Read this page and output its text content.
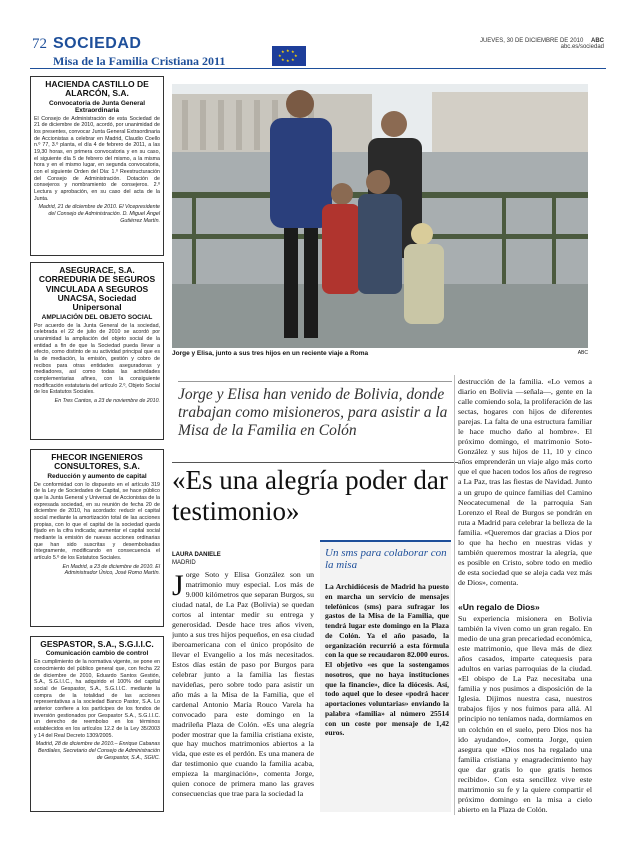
72 SOCIEDAD
Misa de la Familia Cristiana 2011
★ ★
★
★
★
★
★
★
JUEVES, 30 DE DICIEMBRE DE 2010 ABC
abc.es/sociedad
HACIENDA CASTILLO DE ALARCÓN, S.A.
Convocatoria de Junta General Extraordinaria

El Consejo de Administración de esta Sociedad de 21 de diciembre de 2010, acordó, por unanimidad de los presentes, convocar Junta General Extraordinaria de Accionistas a celebrar en Madrid, Claudio Coello n.º 77, 3.º planta, el día 4 de febrero de 2011, a las 19,30 horas, en primera convocatoria y en su caso, el siguiente día 5 de febrero del mismo, a la misma hora y en el mismo lugar, en segunda convocatoria, con el siguiente Orden del Día: 1.º Reestructuración del Consejo de Administración. Dotación de consejeros y nombramiento de consejeros. 2.º Lectura y aprobación, en su caso del acta de la Junta.

Madrid, 21 de diciembre de 2010. El Vicepresidente del Consejo de Administración. D. Miguel Ángel Gutiérrez Martín.

ASEGURACE, S.A. CORREDURIA DE SEGUROS VINCULADA A SEGUROS UNACSA, Sociedad Unipersonal
AMPLIACIÓN DEL OBJETO SOCIAL

Por acuerdo de la Junta General de la sociedad, celebrada el 22 de julio de 2010 se acordó por unanimidad la ampliación del objeto social de la entidad a fin de que la Sociedad pueda llevar a efecto, como distinto de su actividad principal que es la de mediación, la emisión, gestión y cobro de recibos para otras entidades aseguradoras y mediadores, así como todas las actividades complementarias afines, con la consiguiente modificación estatutaria del artículo 2.º, Objeto Social de los Estatutos Sociales.

En Tres Cantos, a 23 de noviembre de 2010.

FHECOR INGENIEROS CONSULTORES, S.A.
Reducción y aumento de capital

De conformidad con lo dispuesto en el artículo 319 de la Ley de Sociedades de Capital, se hace público que la Junta General y Universal de Accionistas de la expresada sociedad, en su reunión de fecha 20 de diciembre de 2010, ha acordado: reducir el capital social mediante la amortización total de las acciones propias, con lo que el capital de la sociedad queda fijado en la cifra indicada; aumentar el capital social mediante la emisión de nuevas acciones ordinarias que han sido suscritas y desembolsadas íntegramente, modificando en consecuencia el artículo 5.º de los Estatutos Sociales.

En Madrid, a 23 de diciembre de 2010. El Administrador Único, José Romo Martín.

GESPASTOR, S.A., S.G.I.I.C.
Comunicación cambio de control

En cumplimiento de la normativa vigente, se pone en conocimiento del público general que, con fecha 22 de diciembre de 2010, Eduardo Santos Gestión, S.A., S.G.I.I.C., ha adquirido el 100% del capital social de Gespastor, S.A., S.G.I.I.C. mediante la compra de la totalidad de las acciones representativas a la sociedad Banco Pastor, S.A. Lo anterior confiere a los partícipes de los fondos de inversión gestionados por Gespastor S.A., S.G.I.I.C. un derecho de reembolso en los términos establecidos en los artículos 12.2 de la Ley 35/2003 y 14 del Real Decreto 1309/2005.

Madrid, 28 de diciembre de 2010.– Enrique Cabanas Berdiales, Secretario del Consejo de Administración de Gespastor, S.A., SGIIC.

Jorge y Elisa, junto a sus tres hijos en un reciente viaje a Roma	ABC
Jorge y Elisa han venido de Bolivia, donde trabajan como misioneros, para asistir a la Misa de la Familia en Colón
«Es una alegría poder dar testimonio»
LAURA DANIELE
MADRID
Jorge Soto y Elisa González son un matrimonio muy especial. Los más de 9.000 kilómetros que separan Burgos, su ciudad natal, de La Paz (Bolivia) se quedan cortos al intentar medir su entrega y generosidad. Desde hace tres años viven, junto a sus tres hijos pequeños, en esa ciudad iberoamericana con el único propósito de llevar el Evangelio a los más necesitados. Estos días están de paso por Burgos para celebrar junto a la familia las fiestas navideñas, pero sobre todo para asistir un año más a la Misa de la Familia, que el cardenal Antonio María Rouco Varela ha convocado para este domingo en la madrileña Plaza de Colón. «Es una alegría poder mostrar que la familia cristiana existe, que hay muchos matrimonios abiertos a la vida, que este es el perdón. Es una manera de dar testimonio que cuando la familia acaba, empieza la marginación», comenta Jorge, quien conoce de primera mano las graves consecuencias que trae para la sociedad la
Un sms para colaborar con la misa
La Archidiócesis de Madrid ha puesto en marcha un servicio de mensajes telefónicos (sms) para sufragar los gastos de la Misa de la Familia, que tendrá lugar este domingo en la Plaza de Colón. Ya el año pasado, la organización recurrió a esta fórmula con la que se recaudaron 82.000 euros. El objetivo «es que la sostengamos nosotros, que no haya instituciones que la financie», dice la diócesis. Así, todo aquel que lo desee «podrá hacer aportaciones voluntarias» enviando la palabra «familia» al número 25514 con un coste por mensaje de 1,42 euros.
destrucción de la familia. «Lo vemos a diario en Bolivia —señala—, gente en la calle comiendo sola, la proliferación de las sectas, hogares con hijos de diferentes parejas. La falta de una estructura familiar le hace mucho daño al hombre». El próximo domingo, el matrimonio Soto-González y sus hijos de 11, 10 y cinco años emprenderán un viaje algo más corto que el que hacen todos los años de regreso a La Paz, tras las fiestas de Navidad. Junto a un grupo de quince familias del Camino Neocatecumenal de la parroquia San Lorenzo el Real de Burgos se pondrán en ruta a Madrid para celebrar la belleza de la familia. «Queremos dar gracias a Dios por lo que ha hecho en nuestras vidas y también queremos mostrar la alegría, que es posible en Cristo, sobre todo en medio de esta sociedad que se aleja cada vez más de Dios», comenta.
«Un regalo de Dios»
Su experiencia misionera en Bolivia también la viven como un gran regalo. En medio de una gran precariedad económica, este matrimonio, que lleva más de diez años casados, imparte catequesis para adultos en varias parroquias de la ciudad. «El obispo de La Paz necesitaba una familia y nos pusimos a disposición de la Iglesia. Dijimos nuestra casa, nuestros trabajos fijos y nos fuimos para allá. Al principio no teníamos nada, dormíamos en un colchón en el suelo, pero Dios nos ha ido ayudando», comenta Jorge, quien asegura que «Dios nos ha regalado una familia cristiana y enagradecimiento hay que dar gratis lo que gratis hemos recibido». Con esta sencillez vive este matrimonio su fe y la quiere compartir el próximo domingo en la misa a cielo abierto en la Plaza de Colón.
